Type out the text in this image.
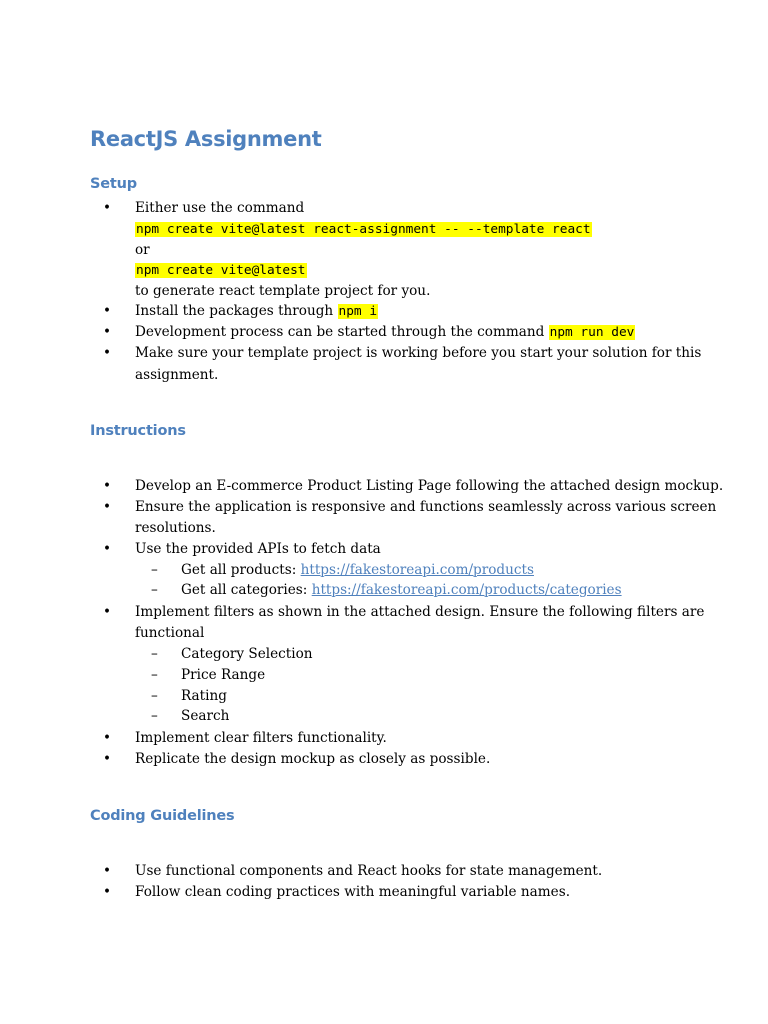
ReactJS Assignment
Setup
• Either use the command
npm create vite@latest react-assignment -- --template react
or
npm create vite@latest
to generate react template project for you.
• Install the packages through npm i
• Development process can be started through the command npm run dev
• Make sure your template project is working before you start your solution for this
assignment.
Instructions
• Develop an E-commerce Product Listing Page following the attached design mockup.
• Ensure the application is responsive and functions seamlessly across various screen
resolutions.
• Use the provided APIs to fetch data
– Get all products: https://fakestoreapi.com/products
– Get all categories: https://fakestoreapi.com/products/categories
• Implement filters as shown in the attached design. Ensure the following filters are
functional
– Category Selection
– Price Range
– Rating
– Search
• Implement clear filters functionality.
• Replicate the design mockup as closely as possible.
Coding Guidelines
• Use functional components and React hooks for state management.
• Follow clean coding practices with meaningful variable names.
